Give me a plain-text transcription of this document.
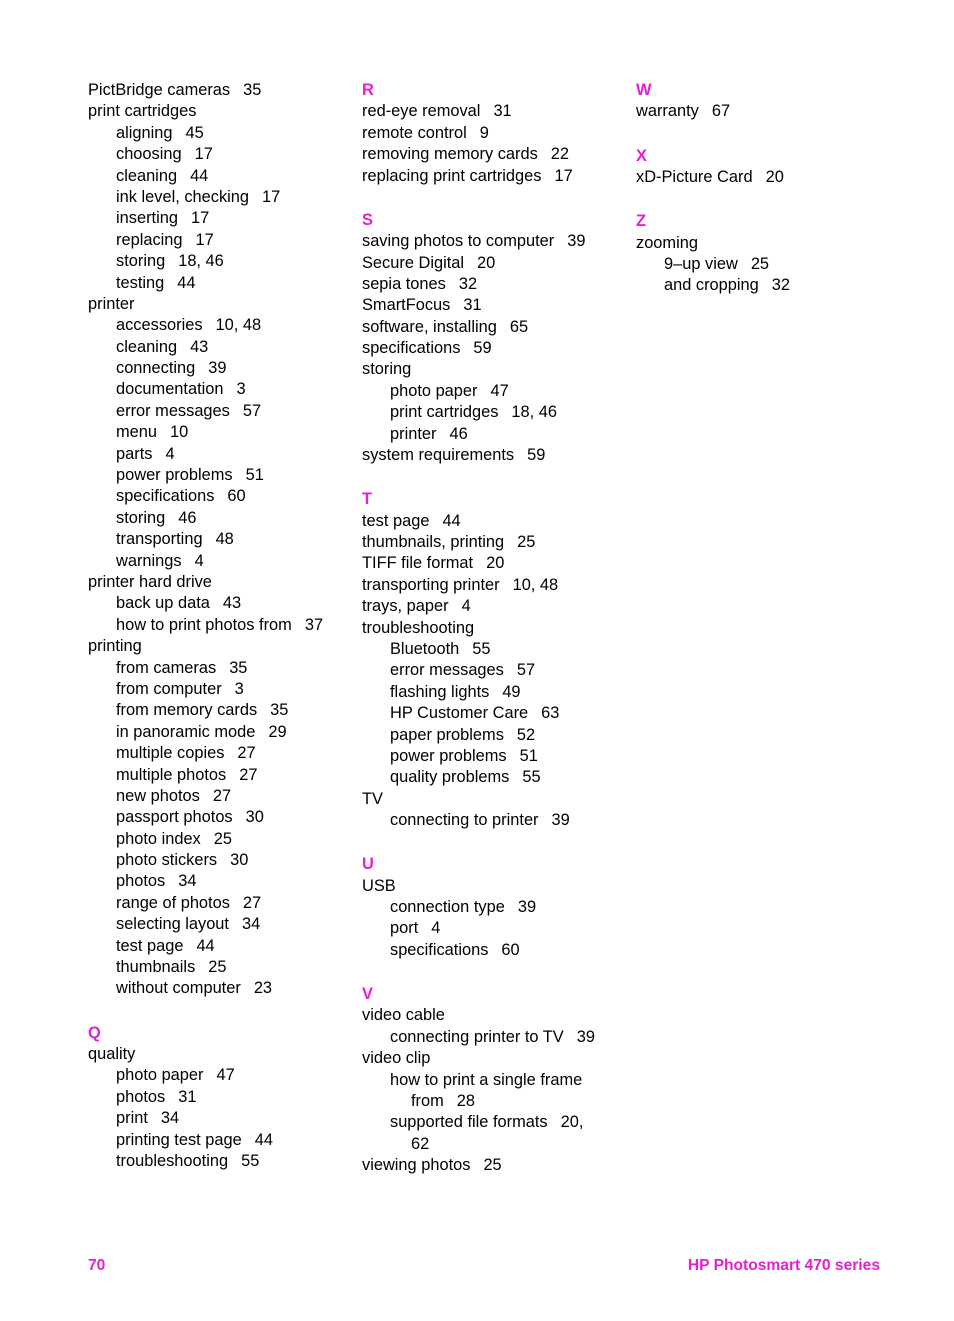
PictBridge cameras 35
print cartridges
aligning 45
choosing 17
cleaning 44
ink level, checking 17
inserting 17
replacing 17
storing 18, 46
testing 44
printer
accessories 10, 48
cleaning 43
connecting 39
documentation 3
error messages 57
menu 10
parts 4
power problems 51
specifications 60
storing 46
transporting 48
warnings 4
printer hard drive
back up data 43
how to print photos from 37
printing
from cameras 35
from computer 3
from memory cards 35
in panoramic mode 29
multiple copies 27
multiple photos 27
new photos 27
passport photos 30
photo index 25
photo stickers 30
photos 34
range of photos 27
selecting layout 34
test page 44
thumbnails 25
without computer 23
Q
quality
photo paper 47
photos 31
print 34
printing test page 44
troubleshooting 55
R
red-eye removal 31
remote control 9
removing memory cards 22
replacing print cartridges 17
S
saving photos to computer 39
Secure Digital 20
sepia tones 32
SmartFocus 31
software, installing 65
specifications 59
storing
photo paper 47
print cartridges 18, 46
printer 46
system requirements 59
T
test page 44
thumbnails, printing 25
TIFF file format 20
transporting printer 10, 48
trays, paper 4
troubleshooting
Bluetooth 55
error messages 57
flashing lights 49
HP Customer Care 63
paper problems 52
power problems 51
quality problems 55
TV
connecting to printer 39
U
USB
connection type 39
port 4
specifications 60
V
video cable
connecting printer to TV 39
video clip
how to print a single frame
from 28
supported file formats 20,
62
viewing photos 25
W
warranty 67
X
xD-Picture Card 20
Z
zooming
9–up view 25
and cropping 32
70	HP Photosmart 470 series
